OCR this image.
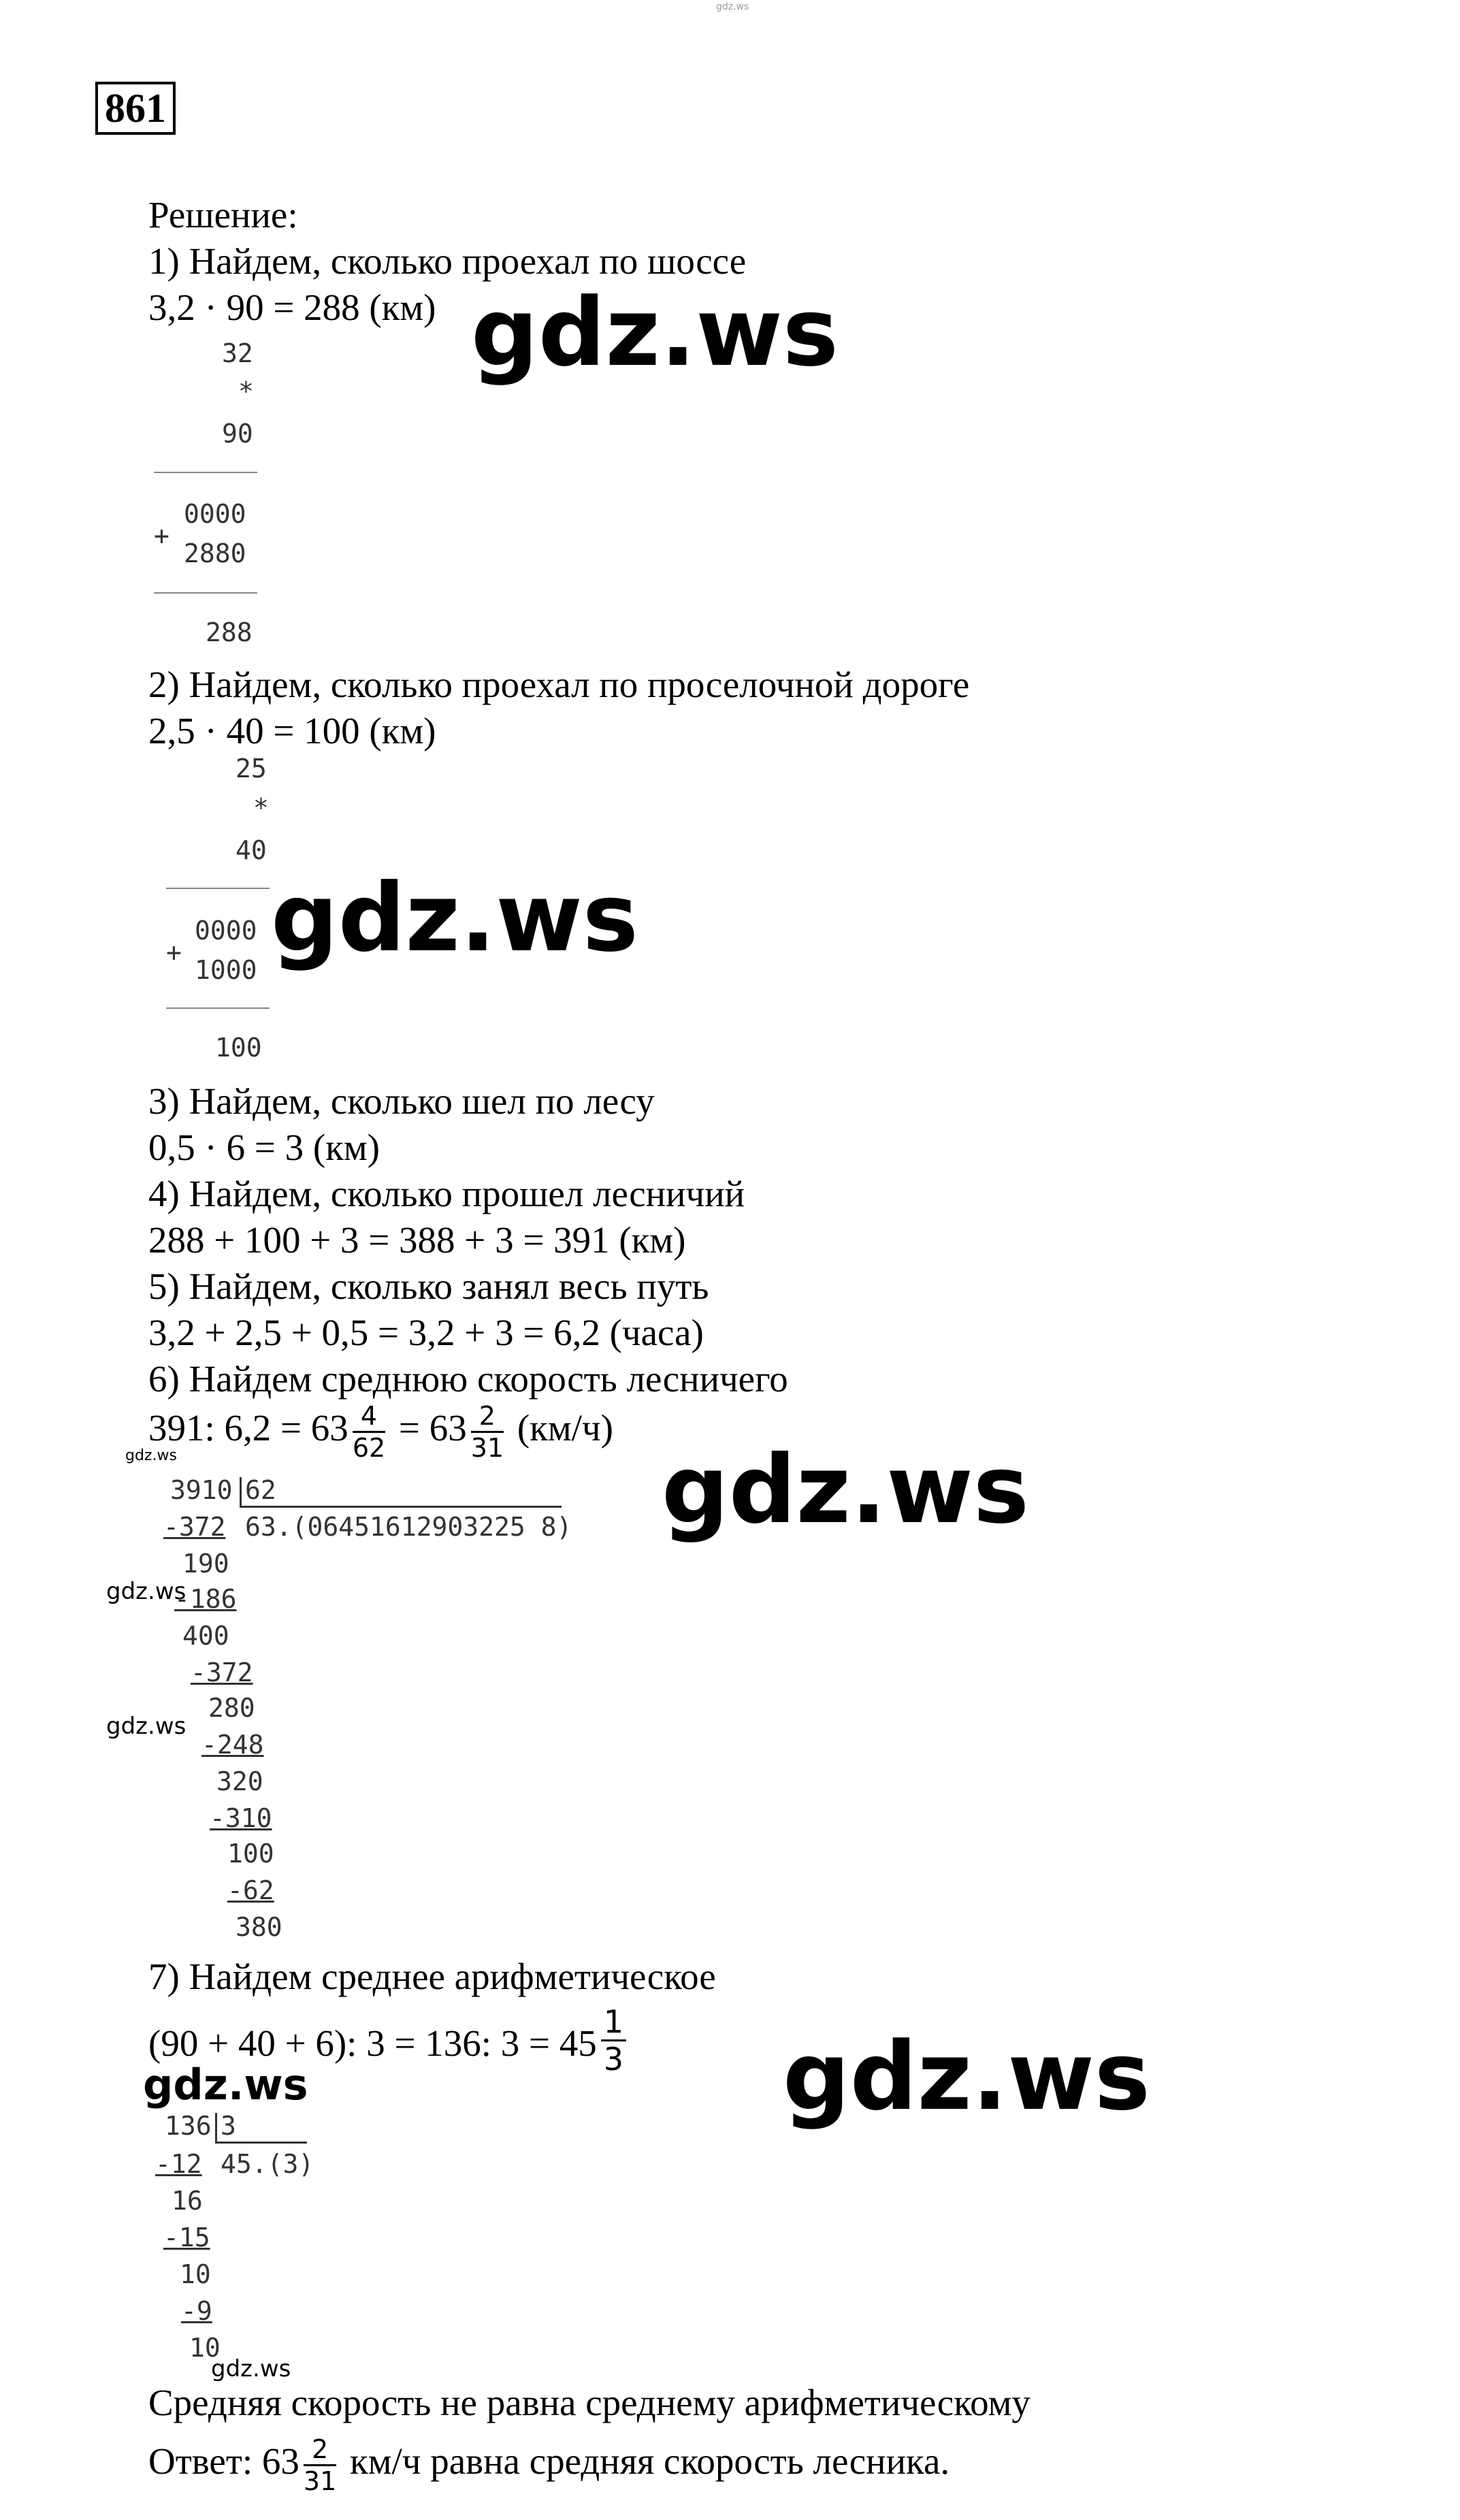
gdz.ws
861
Решение:
1) Найдем, сколько проехал по шоссе
3,2 · 90 = 288 (км)
32
*
90
+
0000
2880
288
gdz.ws
2) Найдем, сколько проехал по проселочной дороге
2,5 · 40 = 100 (км)
25
*
40
+
0000
1000
100
gdz.ws
3) Найдем, сколько шел по лесу
0,5 · 6 = 3 (км)
4) Найдем, сколько прошел лесничий
288 + 100 + 3 = 388 + 3 = 391 (км)
5) Найдем, сколько занял весь путь
3,2 + 2,5 + 0,5 = 3,2 + 3 = 6,2 (часа)
6) Найдем среднюю скорость лесничего
391: $6,2 = 63 \frac{4}{62} = 63 \frac{2}{31} (км/ч)$
gdz.ws
3910 62
63.(06451612903225 8)
-372
190
-186
400
-372
280
-248
320
-310
100
-62
380
gdz.ws
gdz.ws
gdz.ws
7) Найдем среднее арифметическое
(90 + 40 + 6): 3 = 136: $3 = 45 \frac{1}{3}$
gdz.ws
136 3
45.(3)
-12
16
-15
10
-9
10
gdz.ws
gdz.ws
Средняя скорость не равна среднему арифметическому
Ответ: $63 \frac{2}{31} км/ч$ равна средняя скорость лесника.
